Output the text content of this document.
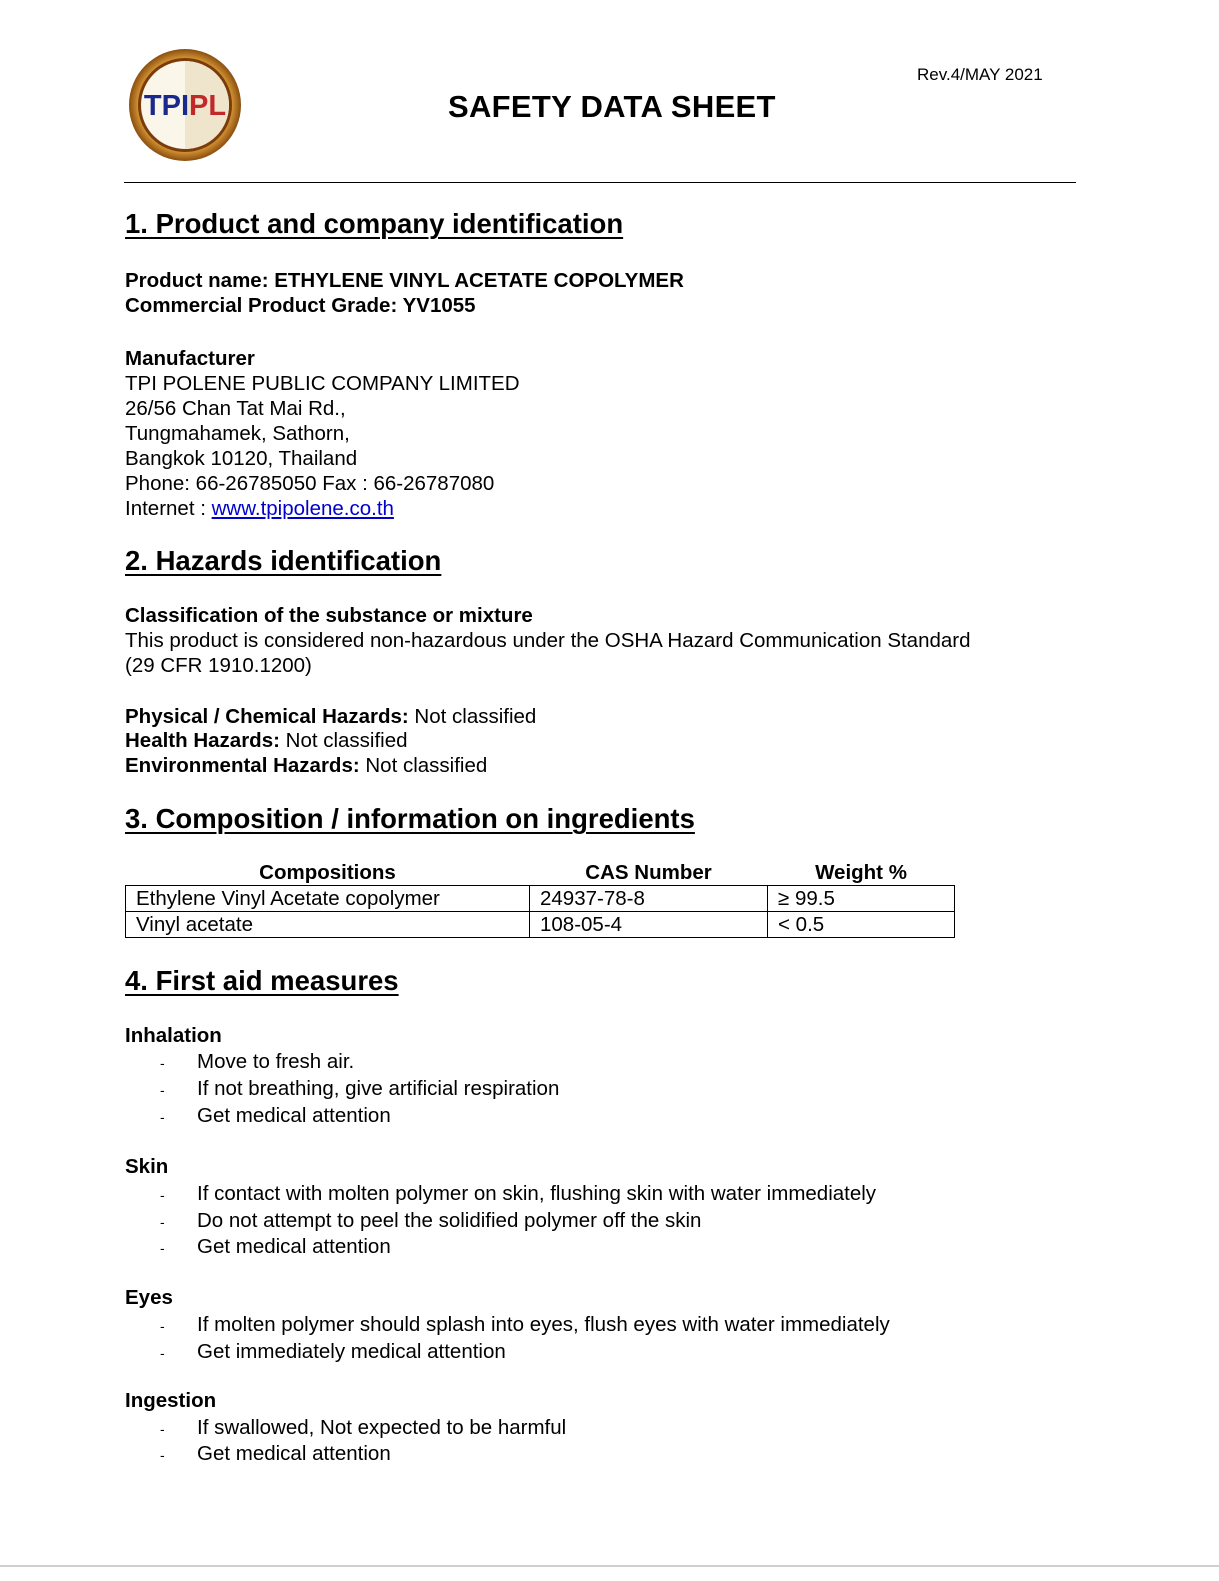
TPIPL
Rev.4/MAY 2021
SAFETY DATA SHEET
1. Product and company identification
Product name: ETHYLENE VINYL ACETATE COPOLYMER
Commercial Product Grade: YV1055
Manufacturer
TPI POLENE PUBLIC COMPANY LIMITED
26/56 Chan Tat Mai Rd.,
Tungmahamek, Sathorn,
Bangkok 10120, Thailand
Phone: 66-26785050 Fax : 66-26787080
Internet : www.tpipolene.co.th
2. Hazards identification
Classification of the substance or mixture
This product is considered non-hazardous under the OSHA Hazard Communication Standard
(29 CFR 1910.1200)
Physical / Chemical Hazards: Not classified
Health Hazards: Not classified
Environmental Hazards: Not classified
3. Composition / information on ingredients
Compositions	CAS Number	Weight %
Ethylene Vinyl Acetate copolymer	24937-78-8	≥ 99.5
Vinyl acetate	108-05-4	< 0.5
4. First aid measures
Inhalation
- Move to fresh air.
- If not breathing, give artificial respiration
- Get medical attention
Skin
- If contact with molten polymer on skin, flushing skin with water immediately
- Do not attempt to peel the solidified polymer off the skin
- Get medical attention
Eyes
- If molten polymer should splash into eyes, flush eyes with water immediately
- Get immediately medical attention
Ingestion
- If swallowed, Not expected to be harmful
- Get medical attention
